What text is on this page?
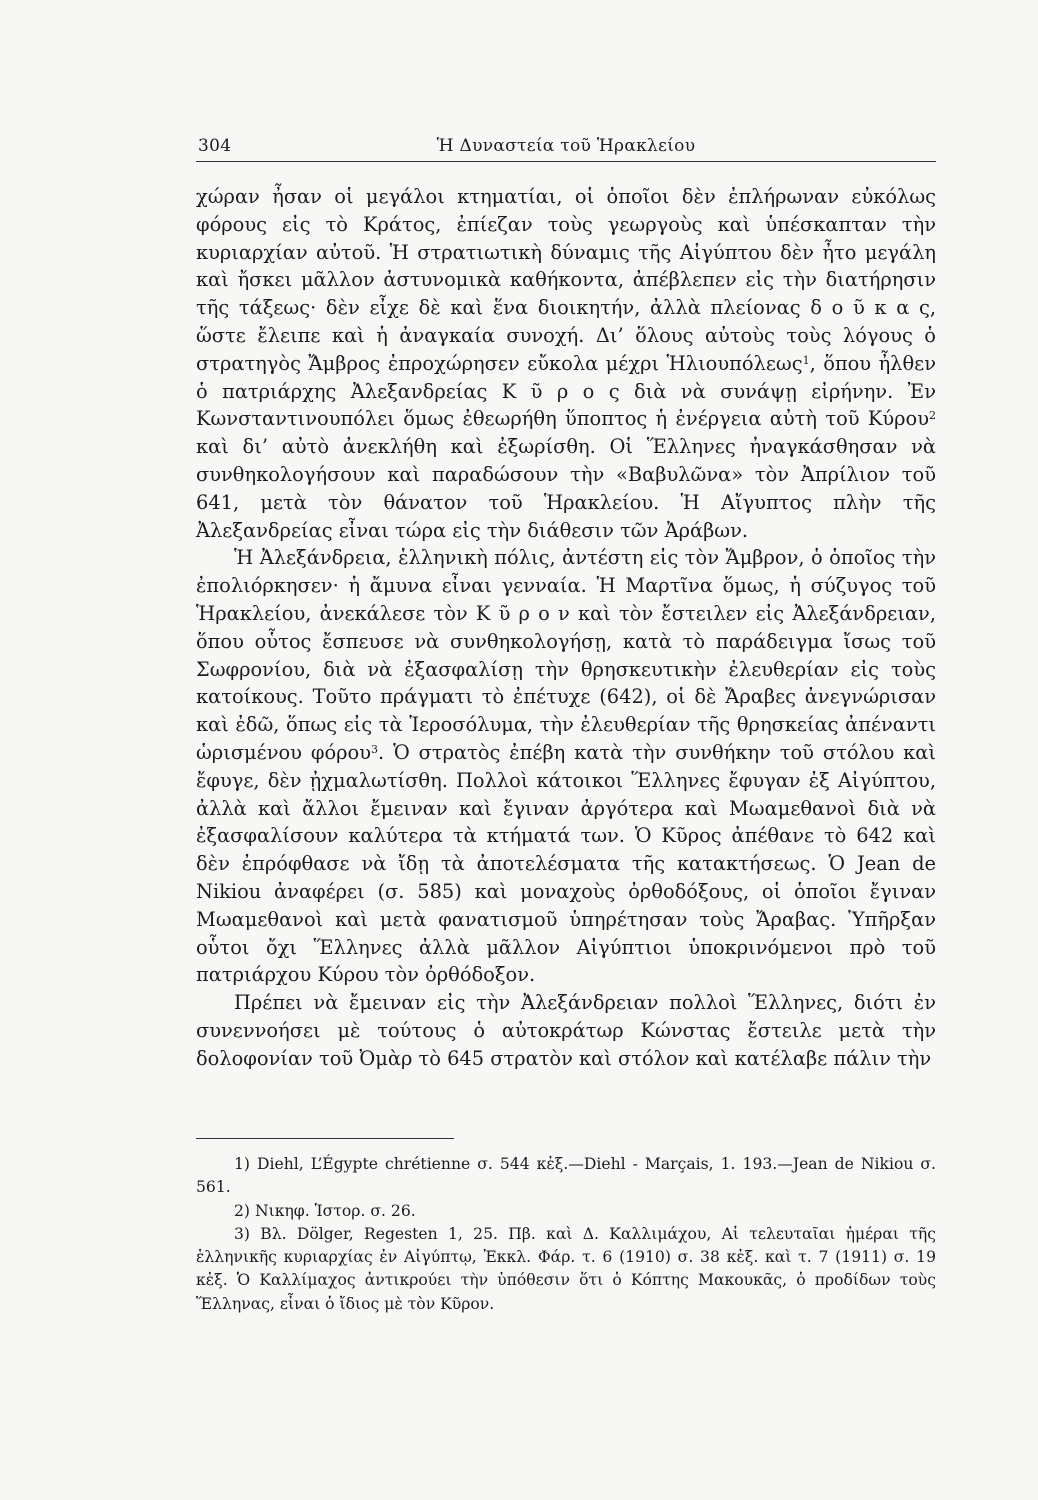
304	Ἡ Δυναστεία τοῦ Ἡρακλείου

χώραν ἦσαν οἱ μεγάλοι κτηματίαι, οἱ ὁποῖοι δὲν ἐπλήρωναν εὐκόλως φόρους εἰς τὸ Κράτος, ἐπίεζαν τοὺς γεωργοὺς καὶ ὑπέσκαπταν τὴν κυριαρχίαν αὐτοῦ. Ἡ στρατιωτικὴ δύναμις τῆς Αἰγύπτου δὲν ἦτο μεγάλη καὶ ἤσκει μᾶλλον ἀστυνομικὰ καθήκοντα, ἀπέβλεπεν εἰς τὴν διατήρησιν τῆς τάξεως· δὲν εἶχε δὲ καὶ ἕνα διοικητήν, ἀλλὰ πλείονας δ ο ῦ κ α ς, ὥστε ἔλειπε καὶ ἡ ἀναγκαία συνοχή. Δι’ ὅλους αὐτοὺς τοὺς λόγους ὁ στρατηγὸς Ἄμβρος ἐπροχώρησεν εὔκολα μέχρι Ἡλιουπόλεως$^1$, ὅπου ἦλθεν ὁ πατριάρχης Ἀλεξανδρείας Κ ῦ ρ ο ς διὰ νὰ συνάψῃ εἰρήνην. Ἐν Κωνσταντινουπόλει ὅμως ἐθεωρήθη ὕποπτος ἡ ἐνέργεια αὐτὴ τοῦ Κύρου$^2$ καὶ δι’ αὐτὸ ἀνεκλήθη καὶ ἐξωρίσθη. Οἱ Ἕλληνες ἠναγκάσθησαν νὰ συνθηκολογήσουν καὶ παραδώσουν τὴν «Βαβυλῶνα» τὸν Ἀπρίλιον τοῦ 641, μετὰ τὸν θάνατον τοῦ Ἡρακλείου. Ἡ Αἴγυπτος πλὴν τῆς Ἀλεξανδρείας εἶναι τώρα εἰς τὴν διάθεσιν τῶν Ἀράβων.

Ἡ Ἀλεξάνδρεια, ἑλληνικὴ πόλις, ἀντέστη εἰς τὸν Ἄμβρον, ὁ ὁποῖος τὴν ἐπολιόρκησεν· ἡ ἄμυνα εἶναι γενναία. Ἡ Μαρτῖνα ὅμως, ἡ σύζυγος τοῦ Ἡρακλείου, ἀνεκάλεσε τὸν Κ ῦ ρ ο ν καὶ τὸν ἔστειλεν εἰς Ἀλεξάνδρειαν, ὅπου οὗτος ἔσπευσε νὰ συνθηκολογήσῃ, κατὰ τὸ παράδειγμα ἴσως τοῦ Σωφρονίου, διὰ νὰ ἐξασφαλίσῃ τὴν θρησκευτικὴν ἐλευθερίαν εἰς τοὺς κατοίκους. Τοῦτο πράγματι τὸ ἐπέτυχε (642), οἱ δὲ Ἄραβες ἀνεγνώρισαν καὶ ἐδῶ, ὅπως εἰς τὰ Ἱεροσόλυμα, τὴν ἐλευθερίαν τῆς θρησκείας ἀπέναντι ὡρισμένου φόρου$^3$. Ὁ στρατὸς ἐπέβη κατὰ τὴν συνθήκην τοῦ στόλου καὶ ἔφυγε, δὲν ᾐχμαλωτίσθη. Πολλοὶ κάτοικοι Ἕλληνες ἔφυγαν ἐξ Αἰγύπτου, ἀλλὰ καὶ ἄλλοι ἔμειναν καὶ ἔγιναν ἀργότερα καὶ Μωαμεθανοὶ διὰ νὰ ἐξασφαλίσουν καλύτερα τὰ κτήματά των. Ὁ Κῦρος ἀπέθανε τὸ 642 καὶ δὲν ἐπρόφθασε νὰ ἴδῃ τὰ ἀποτελέσματα τῆς κατακτήσεως. Ὁ Jean de Nikiou ἀναφέρει (σ. 585) καὶ μοναχοὺς ὀρθοδόξους, οἱ ὁποῖοι ἔγιναν Μωαμεθανοὶ καὶ μετὰ φανατισμοῦ ὑπηρέτησαν τοὺς Ἄραβας. Ὑπῆρξαν οὗτοι ὄχι Ἕλληνες ἀλλὰ μᾶλλον Αἰγύπτιοι ὑποκρινόμενοι πρὸ τοῦ πατριάρχου Κύρου τὸν ὀρθόδοξον.

Πρέπει νὰ ἔμειναν εἰς τὴν Ἀλεξάνδρειαν πολλοὶ Ἕλληνες, διότι ἐν συνεννοήσει μὲ τούτους ὁ αὐτοκράτωρ Κώνστας ἔστειλε μετὰ τὴν δολοφονίαν τοῦ Ὀμὰρ τὸ 645 στρατὸν καὶ στόλον καὶ κατέλαβε πάλιν τὴν

1) Diehl, L’Égypte chrétienne σ. 544 κἑξ.—Diehl - Marçais, 1. 193.—Jean de Nikiou σ. 561.

2) Νικηφ. Ἱστορ. σ. 26.

3) Βλ. Dölger, Regesten 1, 25. Πβ. καὶ Δ. Καλλιμάχου, Αἱ τελευταῖαι ἡμέραι τῆς ἑλληνικῆς κυριαρχίας ἐν Αἰγύπτῳ, Ἐκκλ. Φάρ. τ. 6 (1910) σ. 38 κἑξ. καὶ τ. 7 (1911) σ. 19 κἑξ. Ὁ Καλλίμαχος ἀντικρούει τὴν ὑπόθεσιν ὅτι ὁ Κόπτης Μακουκᾶς, ὁ προδίδων τοὺς Ἕλληνας, εἶναι ὁ ἴδιος μὲ τὸν Κῦρον.
